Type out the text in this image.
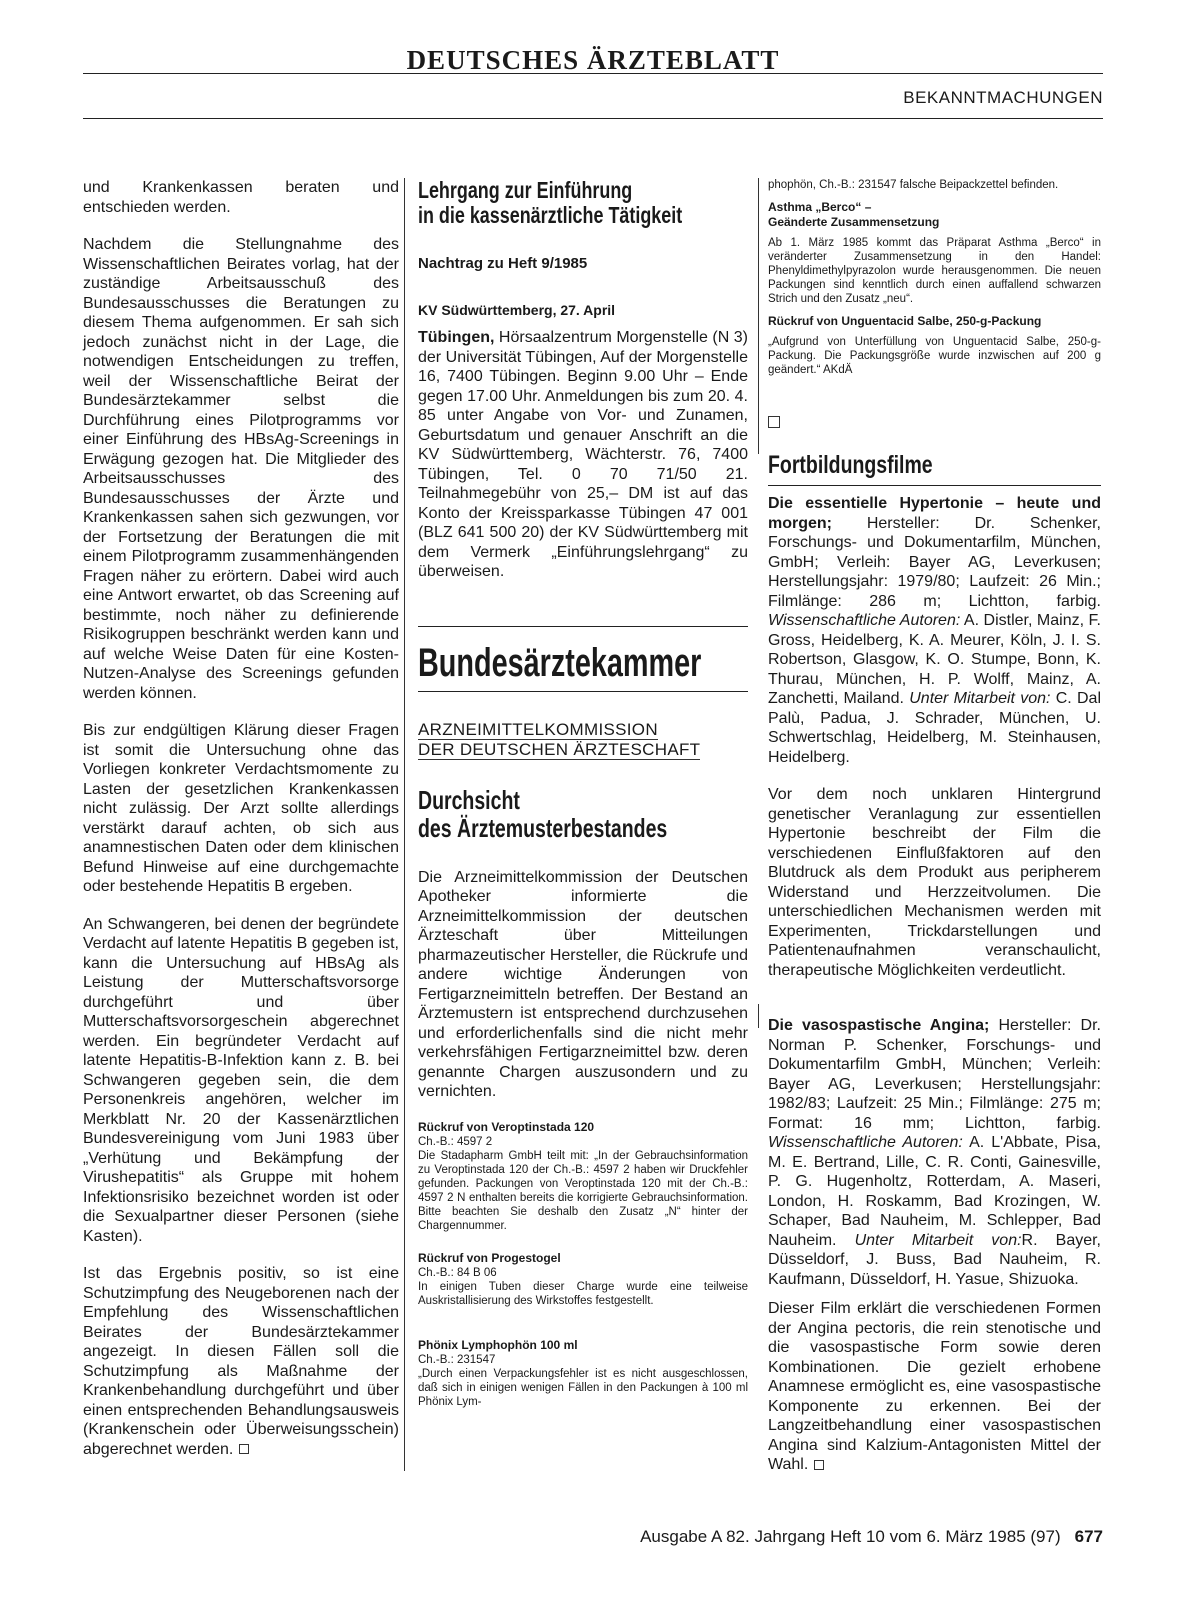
DEUTSCHES ÄRZTEBLATT
BEKANNTMACHUNGEN

und Krankenkassen beraten und entschieden werden.

Nachdem die Stellungnahme des Wissenschaftlichen Beirates vorlag, hat der zuständige Arbeitsausschuß des Bundesausschusses die Beratungen zu diesem Thema aufgenommen. Er sah sich jedoch zunächst nicht in der Lage, die notwendigen Entscheidungen zu treffen, weil der Wissenschaftliche Beirat der Bundesärztekammer selbst die Durchführung eines Pilotprogramms vor einer Einführung des HBsAg-Screenings in Erwägung gezogen hat. Die Mitglieder des Arbeitsausschusses des Bundesausschusses der Ärzte und Krankenkassen sahen sich gezwungen, vor der Fortsetzung der Beratungen die mit einem Pilotprogramm zusammenhängenden Fragen näher zu erörtern. Dabei wird auch eine Antwort erwartet, ob das Screening auf bestimmte, noch näher zu definierende Risikogruppen beschränkt werden kann und auf welche Weise Daten für eine Kosten-Nutzen-Analyse des Screenings gefunden werden können.

Bis zur endgültigen Klärung dieser Fragen ist somit die Untersuchung ohne das Vorliegen konkreter Verdachtsmomente zu Lasten der gesetzlichen Krankenkassen nicht zulässig. Der Arzt sollte allerdings verstärkt darauf achten, ob sich aus anamnestischen Daten oder dem klinischen Befund Hinweise auf eine durchgemachte oder bestehende Hepatitis B ergeben.

An Schwangeren, bei denen der begründete Verdacht auf latente Hepatitis B gegeben ist, kann die Untersuchung auf HBsAg als Leistung der Mutterschaftsvorsorge durchgeführt und über Mutterschaftsvorsorgeschein abgerechnet werden. Ein begründeter Verdacht auf latente Hepatitis-B-Infektion kann z. B. bei Schwangeren gegeben sein, die dem Personenkreis angehören, welcher im Merkblatt Nr. 20 der Kassenärztlichen Bundesvereinigung vom Juni 1983 über „Verhütung und Bekämpfung der Virushepatitis“ als Gruppe mit hohem Infektionsrisiko bezeichnet worden ist oder die Sexualpartner dieser Personen (siehe Kasten).

Ist das Ergebnis positiv, so ist eine Schutzimpfung des Neugeborenen nach der Empfehlung des Wissenschaftlichen Beirates der Bundesärztekammer angezeigt. In diesen Fällen soll die Schutzimpfung als Maßnahme der Krankenbehandlung durchgeführt und über einen entsprechenden Behandlungsausweis (Krankenschein oder Überweisungsschein) abgerechnet werden.

Lehrgang zur Einführung
in die kassenärztliche Tätigkeit
Nachtrag zu Heft 9/1985
KV Südwürttemberg, 27. April

Tübingen, Hörsaalzentrum Morgenstelle (N 3) der Universität Tübingen, Auf der Morgenstelle 16, 7400 Tübingen. Beginn 9.00 Uhr – Ende gegen 17.00 Uhr. Anmeldungen bis zum 20. 4. 85 unter Angabe von Vor- und Zunamen, Geburtsdatum und genauer Anschrift an die KV Südwürttemberg, Wächterstr. 76, 7400 Tübingen, Tel. 0 70 71/50 21. Teilnahmegebühr von 25,– DM ist auf das Konto der Kreissparkasse Tübingen 47 001 (BLZ 641 500 20) der KV Südwürttemberg mit dem Vermerk „Einführungslehrgang“ zu überweisen.

Bundesärztekammer
ARZNEIMITTELKOMMISSION
DER DEUTSCHEN ÄRZTESCHAFT
Durchsicht
des Ärztemusterbestandes

Die Arzneimittelkommission der Deutschen Apotheker informierte die Arzneimittelkommission der deutschen Ärzteschaft über Mitteilungen pharmazeutischer Hersteller, die Rückrufe und andere wichtige Änderungen von Fertigarzneimitteln betreffen. Der Bestand an Ärztemustern ist entsprechend durchzusehen und erforderlichenfalls sind die nicht mehr verkehrsfähigen Fertigarzneimittel bzw. deren genannte Chargen auszusondern und zu vernichten.

Rückruf von Veroptinstada 120
Ch.-B.: 4597 2

Die Stadapharm GmbH teilt mit: „In der Gebrauchsinformation zu Veroptinstada 120 der Ch.-B.: 4597 2 haben wir Druckfehler gefunden. Packungen von Veroptinstada 120 mit der Ch.-B.: 4597 2 N enthalten bereits die korrigierte Gebrauchsinformation. Bitte beachten Sie deshalb den Zusatz „N“ hinter der Chargennummer.

Rückruf von Progestogel
Ch.-B.: 84 B 06

In einigen Tuben dieser Charge wurde eine teilweise Auskristallisierung des Wirkstoffes festgestellt.

Phönix Lymphophön 100 ml
Ch.-B.: 231547

„Durch einen Verpackungsfehler ist es nicht ausgeschlossen, daß sich in einigen wenigen Fällen in den Packungen à 100 ml Phönix Lym-

phophön, Ch.-B.: 231547 falsche Beipackzettel befinden.

Asthma „Berco“ –
Geänderte Zusammensetzung

Ab 1. März 1985 kommt das Präparat Asthma „Berco“ in veränderter Zusammensetzung in den Handel: Phenyldimethylpyrazolon wurde herausgenommen. Die neuen Packungen sind kenntlich durch einen auffallend schwarzen Strich und den Zusatz „neu“.

Rückruf von Unguentacid Salbe, 250-g-Packung

„Aufgrund von Unterfüllung von Unguentacid Salbe, 250-g-Packung. Die Packungsgröße wurde inzwischen auf 200 g geändert.“ AKdÄ

Fortbildungsfilme

Die essentielle Hypertonie – heute und morgen; Hersteller: Dr. Schenker, Forschungs- und Dokumentarfilm, München, GmbH; Verleih: Bayer AG, Leverkusen; Herstellungsjahr: 1979/80; Laufzeit: 26 Min.; Filmlänge: 286 m; Lichtton, farbig. Wissenschaftliche Autoren: A. Distler, Mainz, F. Gross, Heidelberg, K. A. Meurer, Köln, J. I. S. Robertson, Glasgow, K. O. Stumpe, Bonn, K. Thurau, München, H. P. Wolff, Mainz, A. Zanchetti, Mailand. Unter Mitarbeit von: C. Dal Palù, Padua, J. Schrader, München, U. Schwertschlag, Heidelberg, M. Steinhausen, Heidelberg.

Vor dem noch unklaren Hintergrund genetischer Veranlagung zur essentiellen Hypertonie beschreibt der Film die verschiedenen Einflußfaktoren auf den Blutdruck als dem Produkt aus peripherem Widerstand und Herzzeitvolumen. Die unterschiedlichen Mechanismen werden mit Experimenten, Trickdarstellungen und Patientenaufnahmen veranschaulicht, therapeutische Möglichkeiten verdeutlicht.

Die vasospastische Angina; Hersteller: Dr. Norman P. Schenker, Forschungs- und Dokumentarfilm GmbH, München; Verleih: Bayer AG, Leverkusen; Herstellungsjahr: 1982/83; Laufzeit: 25 Min.; Filmlänge: 275 m; Format: 16 mm; Lichtton, farbig. Wissenschaftliche Autoren: A. L'Abbate, Pisa, M. E. Bertrand, Lille, C. R. Conti, Gainesville, P. G. Hugenholtz, Rotterdam, A. Maseri, London, H. Roskamm, Bad Krozingen, W. Schaper, Bad Nauheim, M. Schlepper, Bad Nauheim. Unter Mitarbeit von:R. Bayer, Düsseldorf, J. Buss, Bad Nauheim, R. Kaufmann, Düsseldorf, H. Yasue, Shizuoka.

Dieser Film erklärt die verschiedenen Formen der Angina pectoris, die rein stenotische und die vasospastische Form sowie deren Kombinationen. Die gezielt erhobene Anamnese ermöglicht es, eine vasospastische Komponente zu erkennen. Bei der Langzeitbehandlung einer vasospastischen Angina sind Kalzium-Antagonisten Mittel der Wahl.

Ausgabe A 82. Jahrgang Heft 10 vom 6. März 1985 (97) 677
